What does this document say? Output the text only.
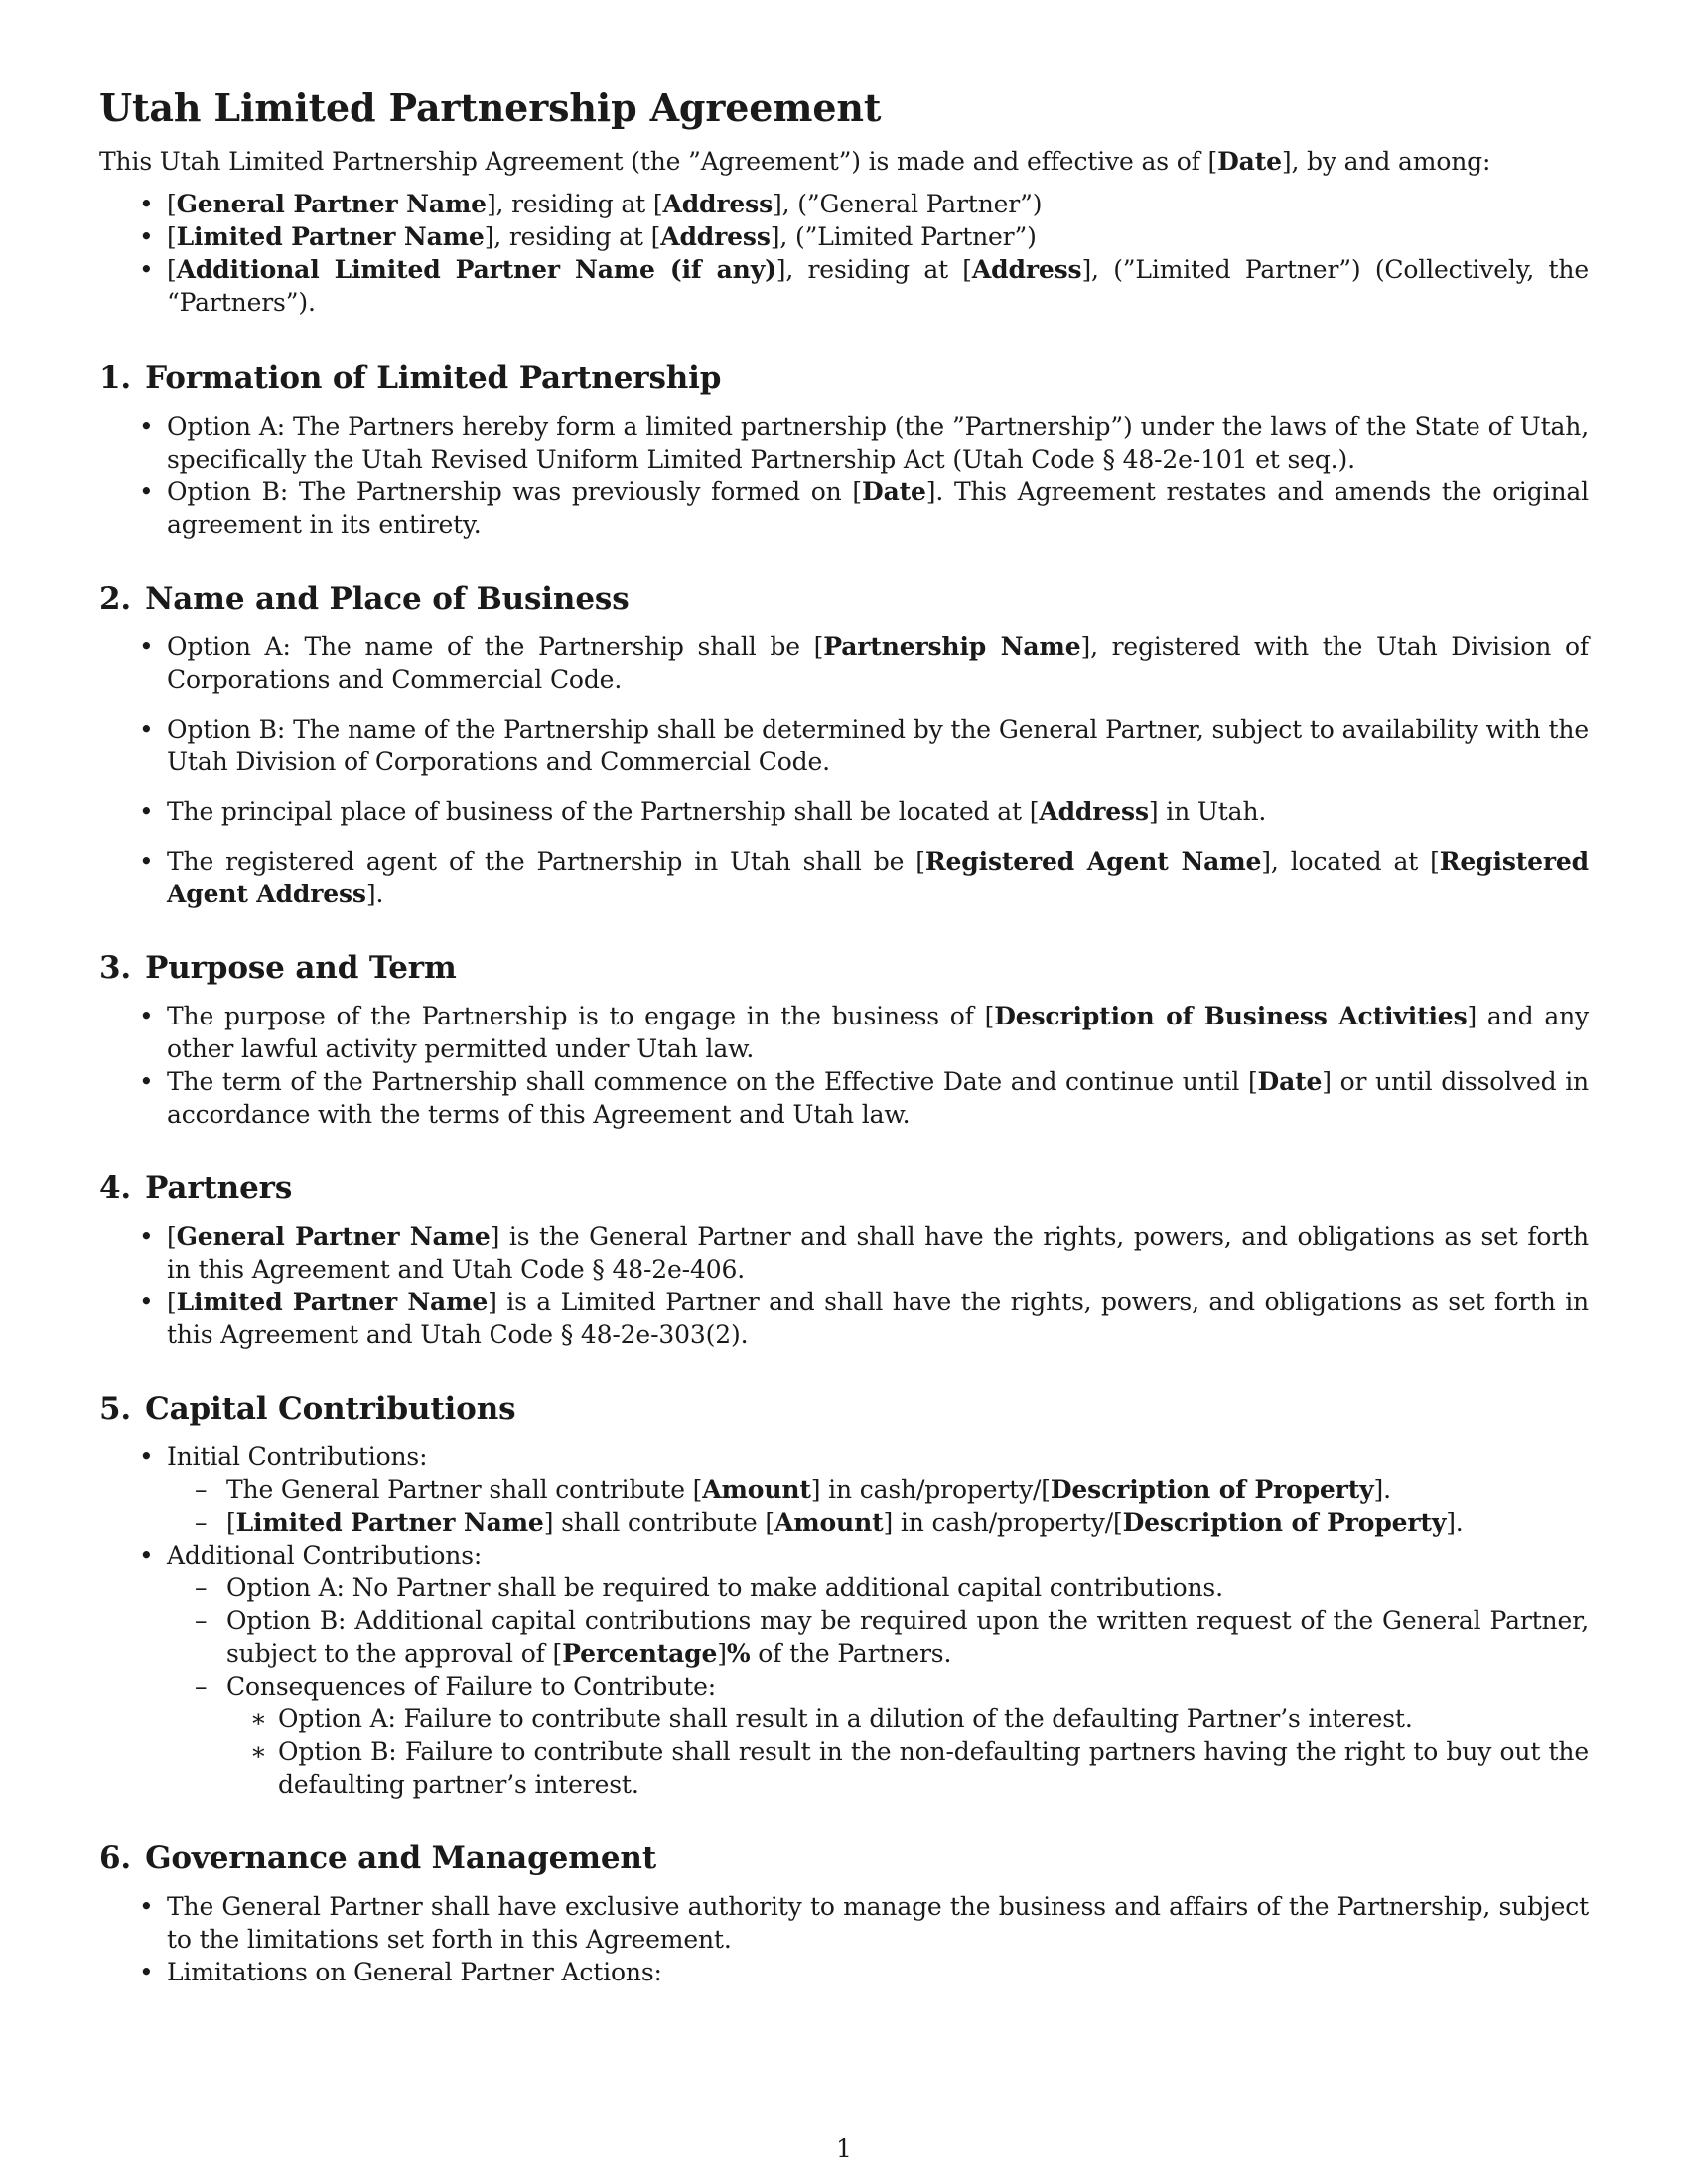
Utah Limited Partnership Agreement

This Utah Limited Partnership Agreement (the ”Agreement”) is made and effective as of [Date], by and among:

• [General Partner Name], residing at [Address], (”General Partner”)
• [Limited Partner Name], residing at [Address], (”Limited Partner”)
• [Additional Limited Partner Name (if any)], residing at [Address], (”Limited Partner”) (Collectively, the “Partners”).
1. Formation of Limited Partnership
• Option A: The Partners hereby form a limited partnership (the ”Partnership”) under the laws of the State of Utah, specifically the Utah Revised Uniform Limited Partnership Act (Utah Code § 48-2e-101 et seq.).
• Option B: The Partnership was previously formed on [Date]. This Agreement restates and amends the original agreement in its entirety.
2. Name and Place of Business
• Option A: The name of the Partnership shall be [Partnership Name], registered with the Utah Division of Corporations and Commercial Code.
• Option B: The name of the Partnership shall be determined by the General Partner, subject to availability with the Utah Division of Corporations and Commercial Code.
• The principal place of business of the Partnership shall be located at [Address] in Utah.
• The registered agent of the Partnership in Utah shall be [Registered Agent Name], located at [Registered Agent Address].
3. Purpose and Term
• The purpose of the Partnership is to engage in the business of [Description of Business Activities] and any other lawful activity permitted under Utah law.
• The term of the Partnership shall commence on the Effective Date and continue until [Date] or until dissolved in accordance with the terms of this Agreement and Utah law.
4. Partners
• [General Partner Name] is the General Partner and shall have the rights, powers, and obligations as set forth in this Agreement and Utah Code § 48-2e-406.
• [Limited Partner Name] is a Limited Partner and shall have the rights, powers, and obligations as set forth in this Agreement and Utah Code § 48-2e-303(2).
5. Capital Contributions
• Initial Contributions:
– The General Partner shall contribute [Amount] in cash/property/[Description of Property].
– [Limited Partner Name] shall contribute [Amount] in cash/property/[Description of Property].
• Additional Contributions:
– Option A: No Partner shall be required to make additional capital contributions.
– Option B: Additional capital contributions may be required upon the written request of the General Partner, subject to the approval of [Percentage]% of the Partners.
– Consequences of Failure to Contribute:
∗ Option A: Failure to contribute shall result in a dilution of the defaulting Partner’s interest.
∗ Option B: Failure to contribute shall result in the non-defaulting partners having the right to buy out the defaulting partner’s interest.
6. Governance and Management
• The General Partner shall have exclusive authority to manage the business and affairs of the Partnership, subject to the limitations set forth in this Agreement.
• Limitations on General Partner Actions:
1
